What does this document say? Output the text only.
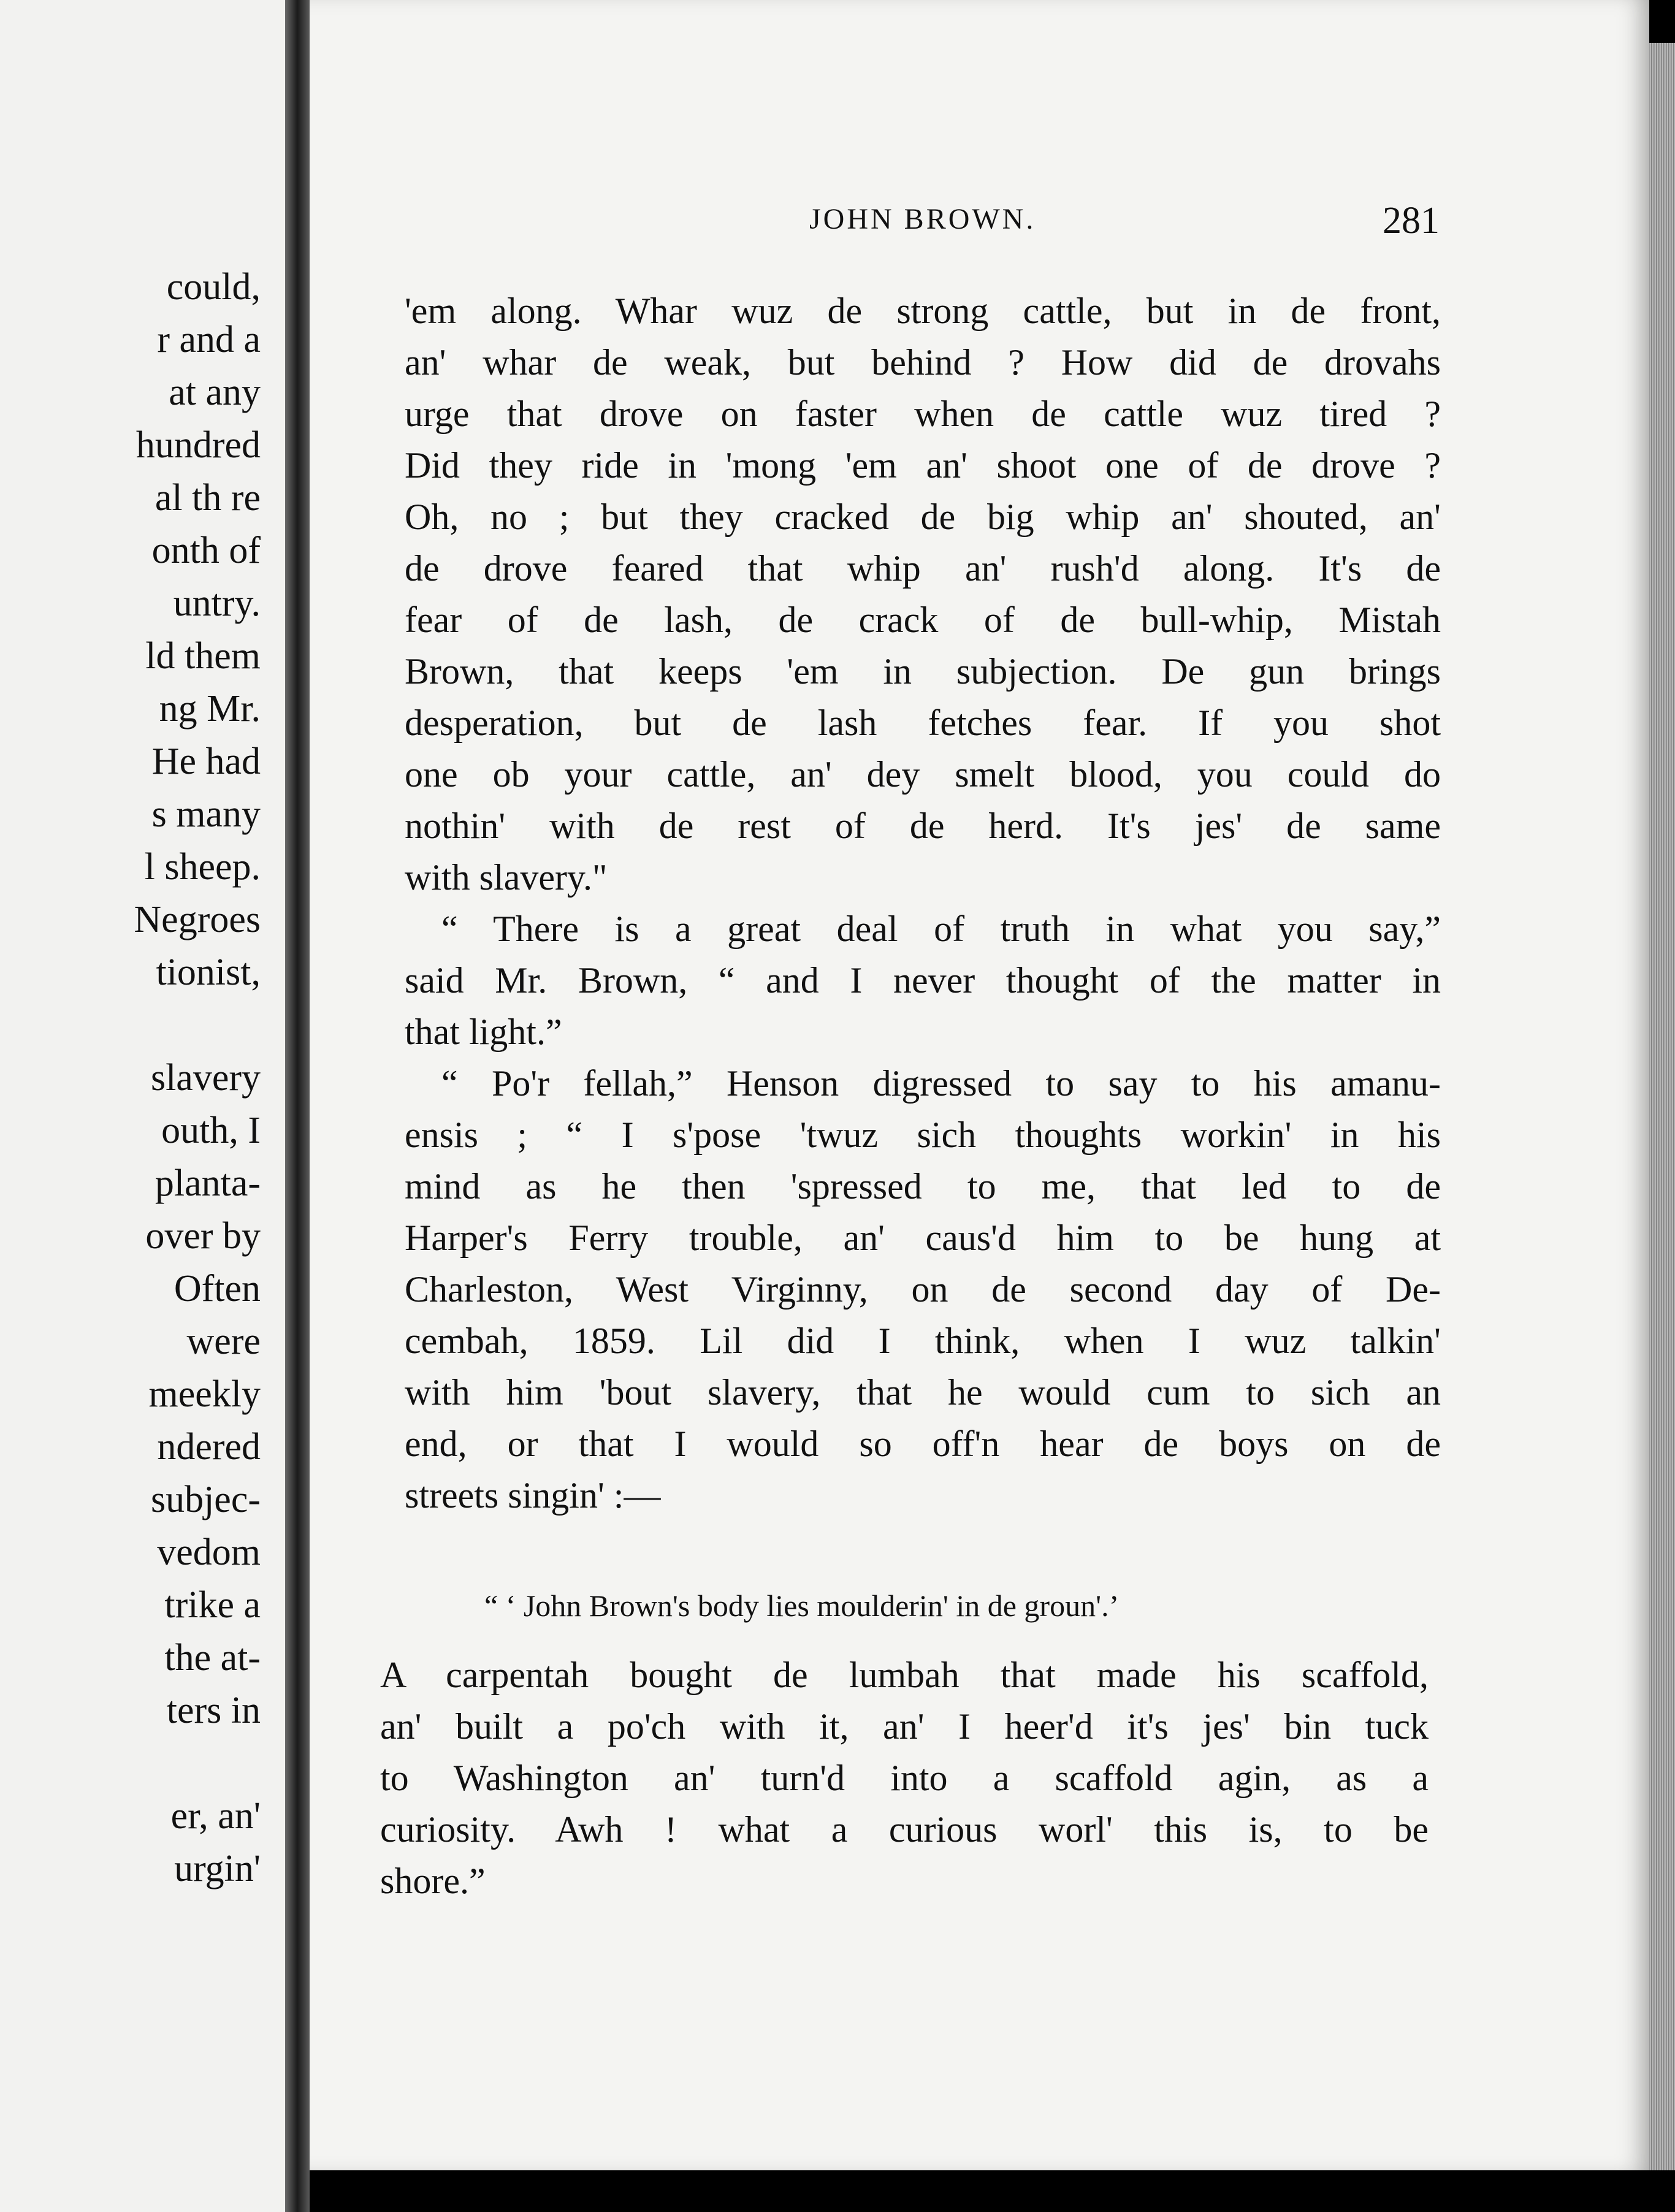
could,
r and a
at any
hundred
al th re
onth of
untry.
ld them
ng Mr.
He had
s many
l sheep.
Negroes
tionist,
slavery
outh, I
planta-
over by
Often
were
meekly
ndered
subjec-
vedom
trike a
the at-
ters in
er, an'
urgin'
JOHN BROWN.	281
'em along. Whar wuz de strong cattle, but in de front,
an' whar de weak, but behind ? How did de drovahs
urge that drove on faster when de cattle wuz tired ?
Did they ride in 'mong 'em an' shoot one of de drove ?
Oh, no ; but they cracked de big whip an' shouted, an'
de drove feared that whip an' rush'd along. It's de
fear of de lash, de crack of de bull-whip, Mistah
Brown, that keeps 'em in subjection. De gun brings
desperation, but de lash fetches fear. If you shot
one ob your cattle, an' dey smelt blood, you could do
nothin' with de rest of de herd. It's jes' de same
with slavery."
“ There is a great deal of truth in what you say,”
said Mr. Brown, “ and I never thought of the matter in
that light.”
“ Po'r fellah,” Henson digressed to say to his amanu-
ensis ; “ I s'pose 'twuz sich thoughts workin' in his
mind as he then 'spressed to me, that led to de
Harper's Ferry trouble, an' caus'd him to be hung at
Charleston, West Virginny, on de second day of De-
cembah, 1859. Lil did I think, when I wuz talkin'
with him 'bout slavery, that he would cum to sich an
end, or that I would so off'n hear de boys on de
streets singin' :—

“ ‘ John Brown's body lies moulderin' in de groun'.’

A carpentah bought de lumbah that made his scaffold,
an' built a po'ch with it, an' I heer'd it's jes' bin tuck
to Washington an' turn'd into a scaffold agin, as a
curiosity. Awh ! what a curious worl' this is, to be
shore.”
